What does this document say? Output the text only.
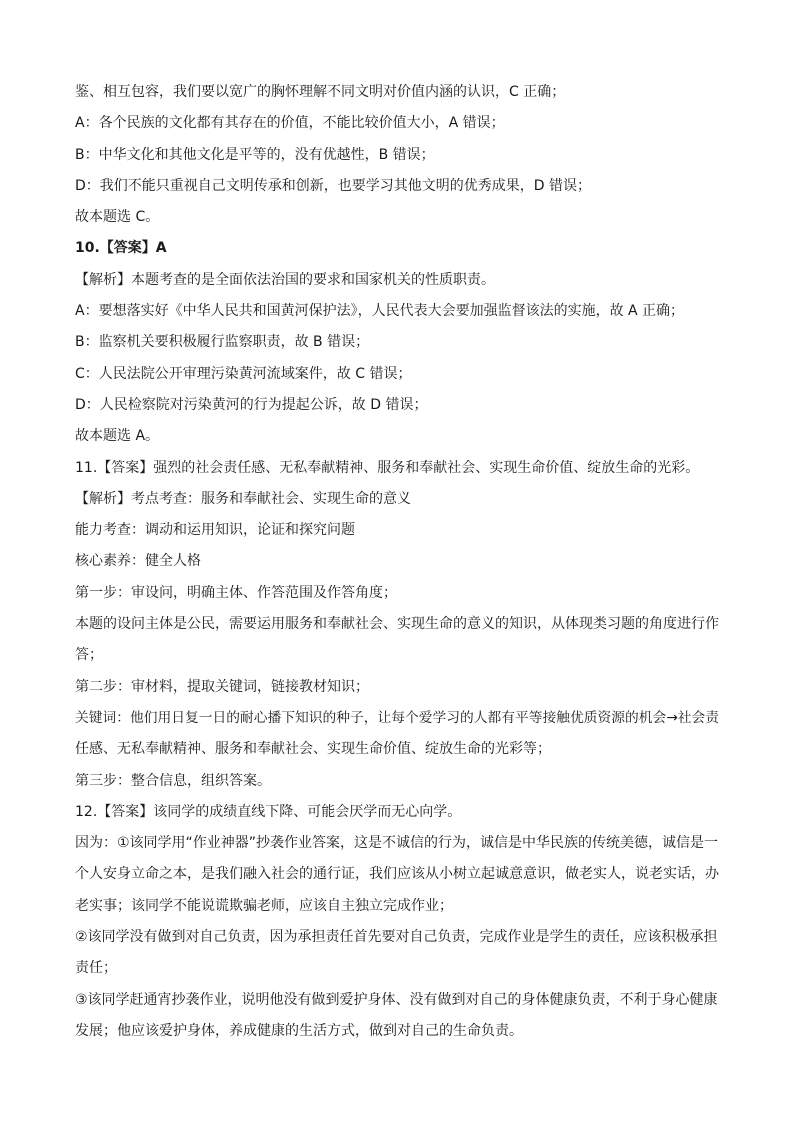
鉴、相互包容，我们要以宽广的胸怀理解不同文明对价值内涵的认识，C 正确；
A：各个民族的文化都有其存在的价值，不能比较价值大小，A 错误；
B：中华文化和其他文化是平等的，没有优越性，B 错误；
D：我们不能只重视自己文明传承和创新，也要学习其他文明的优秀成果，D 错误；
故本题选 C。
10.【答案】A
【解析】本题考查的是全面依法治国的要求和国家机关的性质职责。
A：要想落实好《中华人民共和国黄河保护法》，人民代表大会要加强监督该法的实施，故 A 正确；
B：监察机关要积极履行监察职责，故 B 错误；
C：人民法院公开审理污染黄河流域案件，故 C 错误；
D：人民检察院对污染黄河的行为提起公诉，故 D 错误；
故本题选 A。
11.【答案】强烈的社会责任感、无私奉献精神、服务和奉献社会、实现生命价值、绽放生命的光彩。
【解析】考点考查：服务和奉献社会、实现生命的意义
能力考查：调动和运用知识，论证和探究问题
核心素养：健全人格
第一步：审设问，明确主体、作答范围及作答角度；
本题的设问主体是公民，需要运用服务和奉献社会、实现生命的意义的知识，从体现类习题的角度进行作
答；
第二步：审材料，提取关键词，链接教材知识；
关键词：他们用日复一日的耐心播下知识的种子，让每个爱学习的人都有平等接触优质资源的机会→社会责
任感、无私奉献精神、服务和奉献社会、实现生命价值、绽放生命的光彩等；
第三步：整合信息，组织答案。
12.【答案】该同学的成绩直线下降、可能会厌学而无心向学。
因为：①该同学用“作业神器”抄袭作业答案，这是不诚信的行为，诚信是中华民族的传统美德，诚信是一
个人安身立命之本，是我们融入社会的通行证，我们应该从小树立起诚意意识，做老实人，说老实话，办
老实事；该同学不能说谎欺骗老师，应该自主独立完成作业；
②该同学没有做到对自己负责，因为承担责任首先要对自己负责，完成作业是学生的责任，应该积极承担
责任；
③该同学赶通宵抄袭作业，说明他没有做到爱护身体、没有做到对自己的身体健康负责，不利于身心健康
发展；他应该爱护身体，养成健康的生活方式，做到对自己的生命负责。
